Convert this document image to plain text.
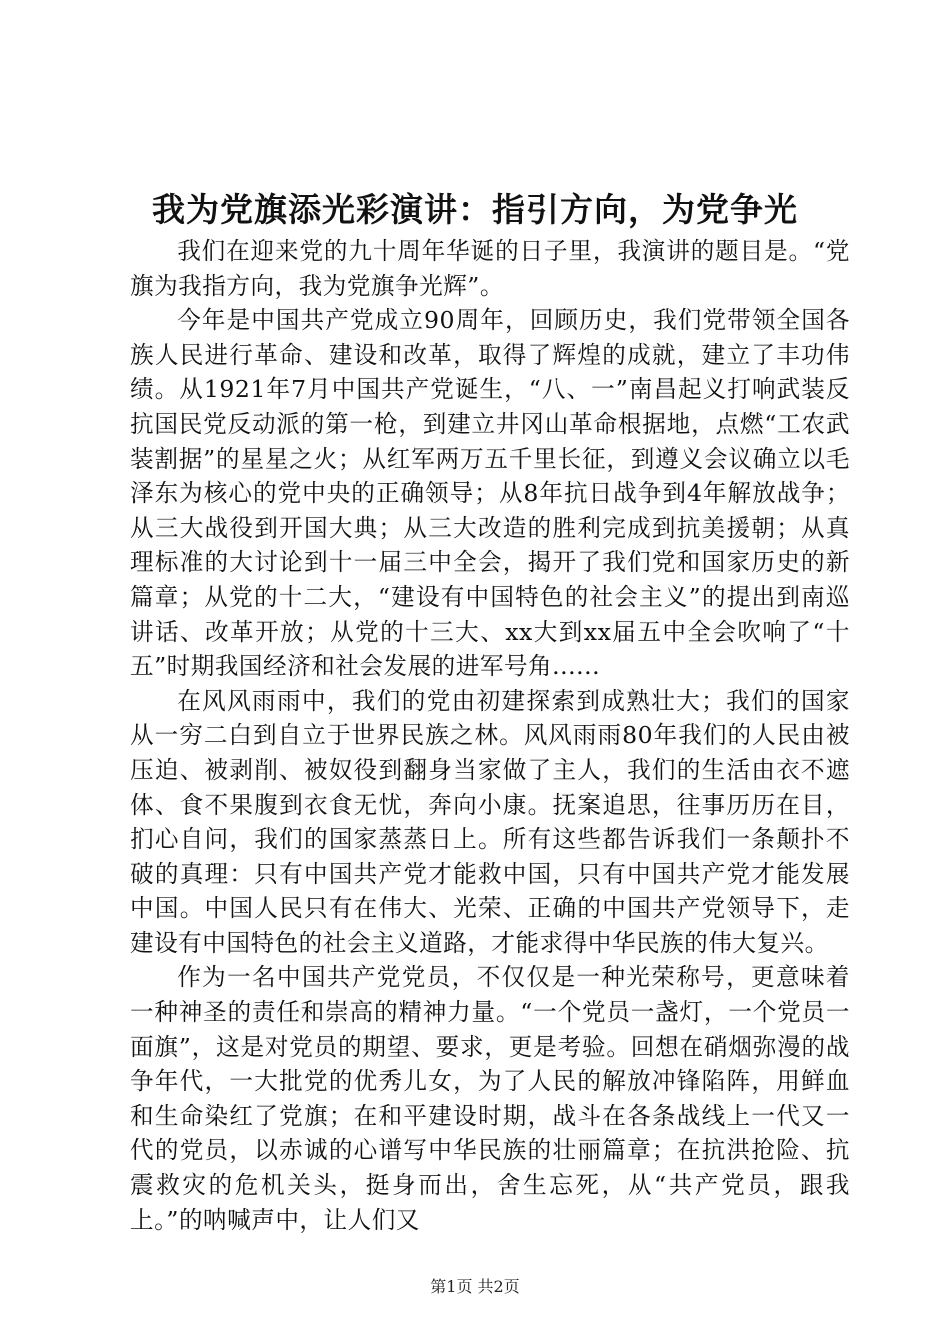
我为党旗添光彩演讲：指引方向，为党争光

我们在迎来党的九十周年华诞的日子里，我演讲的题目是。“党旗为我指方向，我为党旗争光辉”。

今年是中国共产党成立90周年，回顾历史，我们党带领全国各族人民进行革命、建设和改革，取得了辉煌的成就，建立了丰功伟绩。从1921年7月中国共产党诞生，“八、一”南昌起义打响武装反抗国民党反动派的第一枪，到建立井冈山革命根据地，点燃“工农武装割据”的星星之火；从红军两万五千里长征，到遵义会议确立以毛泽东为核心的党中央的正确领导；从8年抗日战争到4年解放战争；从三大战役到开国大典；从三大改造的胜利完成到抗美援朝；从真理标准的大讨论到十一届三中全会，揭开了我们党和国家历史的新篇章；从党的十二大，“建设有中国特色的社会主义”的提出到南巡讲话、改革开放；从党的十三大、xx大到xx届五中全会吹响了“十五”时期我国经济和社会发展的进军号角......

在风风雨雨中，我们的党由初建探索到成熟壮大；我们的国家从一穷二白到自立于世界民族之林。风风雨雨80年我们的人民由被压迫、被剥削、被奴役到翻身当家做了主人，我们的生活由衣不遮体、食不果腹到衣食无忧，奔向小康。抚案追思，往事历历在目，扪心自问，我们的国家蒸蒸日上。所有这些都告诉我们一条颠扑不破的真理：只有中国共产党才能救中国，只有中国共产党才能发展中国。中国人民只有在伟大、光荣、正确的中国共产党领导下，走建设有中国特色的社会主义道路，才能求得中华民族的伟大复兴。

作为一名中国共产党党员，不仅仅是一种光荣称号，更意味着一种神圣的责任和崇高的精神力量。“一个党员一盏灯，一个党员一面旗”，这是对党员的期望、要求，更是考验。回想在硝烟弥漫的战争年代，一大批党的优秀儿女，为了人民的解放冲锋陷阵，用鲜血和生命染红了党旗；在和平建设时期，战斗在各条战线上一代又一代的党员，以赤诚的心谱写中华民族的壮丽篇章；在抗洪抢险、抗震救灾的危机关头，挺身而出，舍生忘死，从“共产党员，跟我上。”的呐喊声中，让人们又

第1页 共2页
